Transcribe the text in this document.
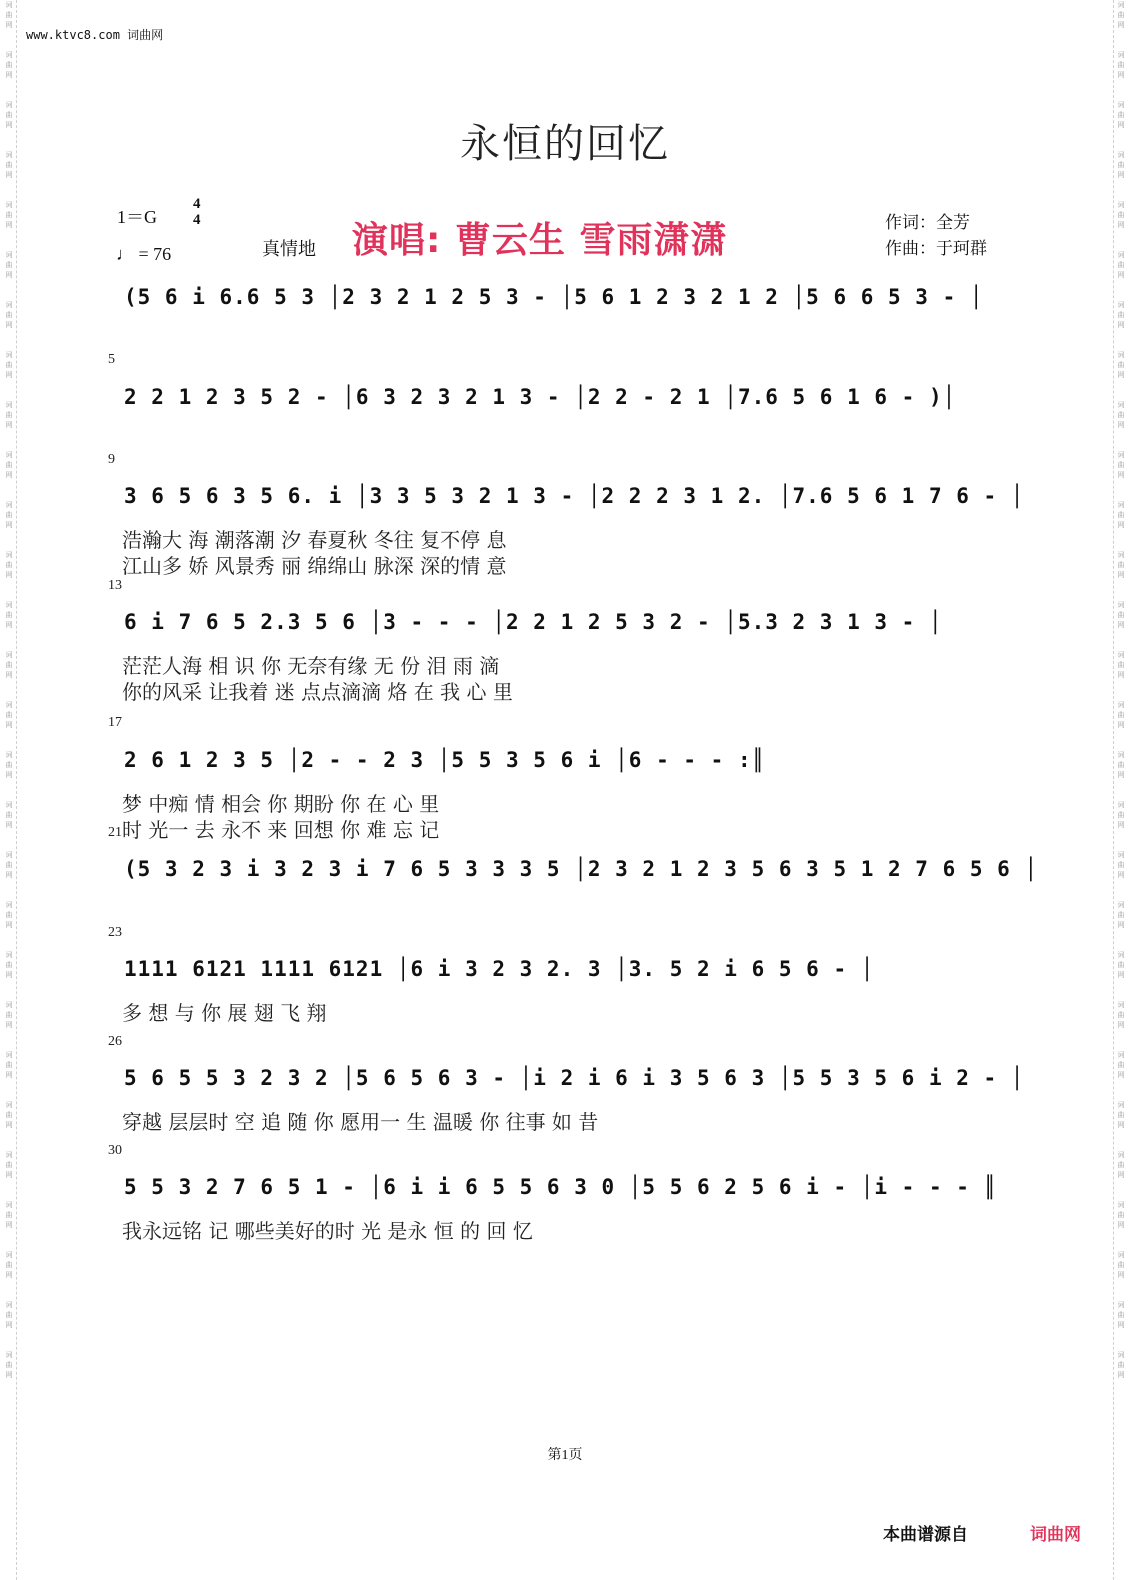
词
曲
网

词
曲
网

词
曲
网

词
曲
网

词
曲
网

词
曲
网

词
曲
网

词
曲
网

词
曲
网

词
曲
网

词
曲
网

词
曲
网

词
曲
网

词
曲
网

词
曲
网

词
曲
网

词
曲
网

词
曲
网

词
曲
网

词
曲
网

词
曲
网

词
曲
网

词
曲
网

词
曲
网

词
曲
网

词
曲
网

词
曲
网

词
曲
网
词
曲
网

词
曲
网

词
曲
网

词
曲
网

词
曲
网

词
曲
网

词
曲
网

词
曲
网

词
曲
网

词
曲
网

词
曲
网

词
曲
网

词
曲
网

词
曲
网

词
曲
网

词
曲
网

词
曲
网

词
曲
网

词
曲
网

词
曲
网

词
曲
网

词
曲
网

词
曲
网

词
曲
网

词
曲
网

词
曲
网

词
曲
网

词
曲
网
www.ktvc8.com 词曲网
永恒的回忆
1＝G
4
4
♩ = 76	真情地 演唱: 曹云生 雪雨潇潇	作词：全芳
作曲：于珂群
(5 6 i 6.6 5 3 │2 3 2 1 2 5 3 - │5 6 1 2 3 2 1 2 │5 6 6 5 3 - │
5
2 2 1 2 3 5 2 - │6 3 2 3 2 1 3 - │2 2 - 2 1 │7.6 5 6 1 6 - )│
9
3 6 5 6 3 5 6. i │3 3 5 3 2 1 3 - │2 2 2 3 1 2. │7.6 5 6 1 7 6 - │
浩瀚大 海 潮落潮 汐 春夏秋 冬往 复不停 息
江山多 娇 风景秀 丽 绵绵山 脉深 深的情 意
13
6 i 7 6 5 2.3 5 6 │3 - - - │2 2 1 2 5 3 2 - │5.3 2 3 1 3 - │
茫茫人海 相 识 你 无奈有缘 无 份 泪 雨 滴
你的风采 让我着 迷 点点滴滴 烙 在 我 心 里
17
2 6 1 2 3 5 │2 - - 2 3 │5 5 3 5 6 i │6 - - - :║
梦 中痴 情 相会 你 期盼 你 在 心 里
时 光一 去 永不 来 回想 你 难 忘 记
21
(5 3 2 3 i 3 2 3 i 7 6 5 3 3 3 5 │2 3 2 1 2 3 5 6 3 5 1 2 7 6 5 6 │
23
1111 6121 1111 6121 │6 i 3 2 3 2. 3 │3. 5 2 i 6 5 6 - │
多 想 与 你 展 翅 飞 翔
26
5 6 5 5 3 2 3 2 │5 6 5 6 3 - │i 2 i 6 i 3 5 6 3 │5 5 3 5 6 i 2 - │
穿越 层层时 空 追 随 你 愿用一 生 温暖 你 往事 如 昔
30
5 5 3 2 7 6 5 1 - │6 i i 6 5 5 6 3 0 │5 5 6 2 5 6 i - │i - - - ║
我永远铭 记 哪些美好的时 光 是永 恒 的 回 忆
第1页
本曲谱源自	词曲网
